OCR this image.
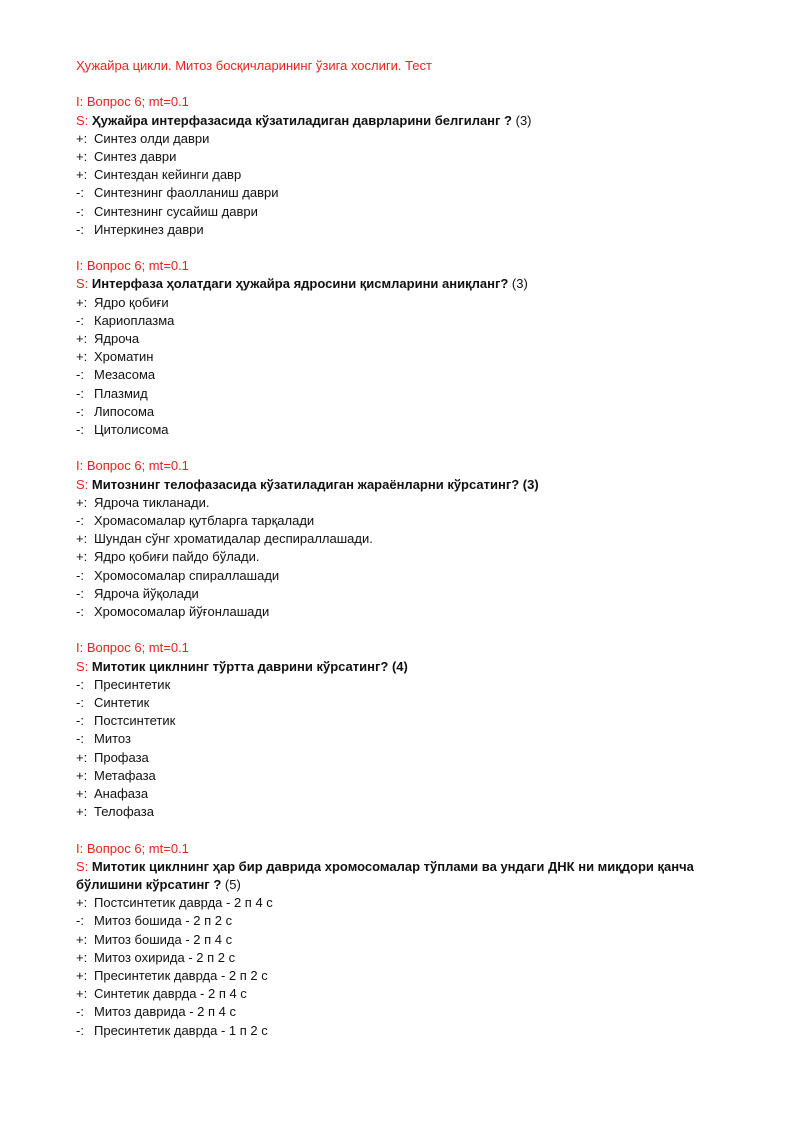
Ҳужайра цикли. Митоз босқичларининг ўзига хослиги. Тест

I: Вопрос 6; mt=0.1
S: Ҳужайра интерфазасида кўзатиладиган даврларини белгиланг ? (3)
+: Синтез олди даври
+: Синтез даври
+: Синтездан кейинги давр
-: Синтезнинг фаолланиш даври
-: Синтезнинг сусайиш даври
-: Интеркинез даври
I: Вопрос 6; mt=0.1
S: Интерфаза ҳолатдаги ҳужайра ядросини қисмларини аниқланг? (3)
+: Ядро қобиғи
-: Кариоплазма
+: Ядроча
+: Хроматин
-: Мезасома
-: Плазмид
-: Липосома
-: Цитолисома
I: Вопрос 6; mt=0.1
S: Митознинг телофазасида кўзатиладиган жараёнларни кўрсатинг? (3)
+: Ядроча тикланади.
-: Хромасомалар қутбларга тарқалади
+: Шундан сўнг хроматидалар деспираллашади.
+: Ядро қобиғи пайдо бўлади.
-: Хромосомалар спираллашади
-: Ядроча йўқолади
-: Хромосомалар йўғонлашади
I: Вопрос 6; mt=0.1
S: Митотик циклнинг тўртта даврини кўрсатинг? (4)
-: Пресинтетик
-: Синтетик
-: Постсинтетик
-: Митоз
+: Профаза
+: Метафаза
+: Анафаза
+: Телофаза
I: Вопрос 6; mt=0.1
S: Митотик циклнинг ҳар бир даврида хромосомалар тўплами ва ундаги ДНК ни миқдори қанча бўлишини кўрсатинг ? (5)
+: Постсинтетик даврда - 2 п 4 с
-: Митоз бошида - 2 п 2 с
+: Митоз бошида - 2 п 4 с
+: Митоз охирида - 2 п 2 с
+: Пресинтетик даврда - 2 п 2 с
+: Синтетик даврда - 2 п 4 с
-: Митоз даврида - 2 п 4 с
-: Пресинтетик даврда - 1 п 2 с
